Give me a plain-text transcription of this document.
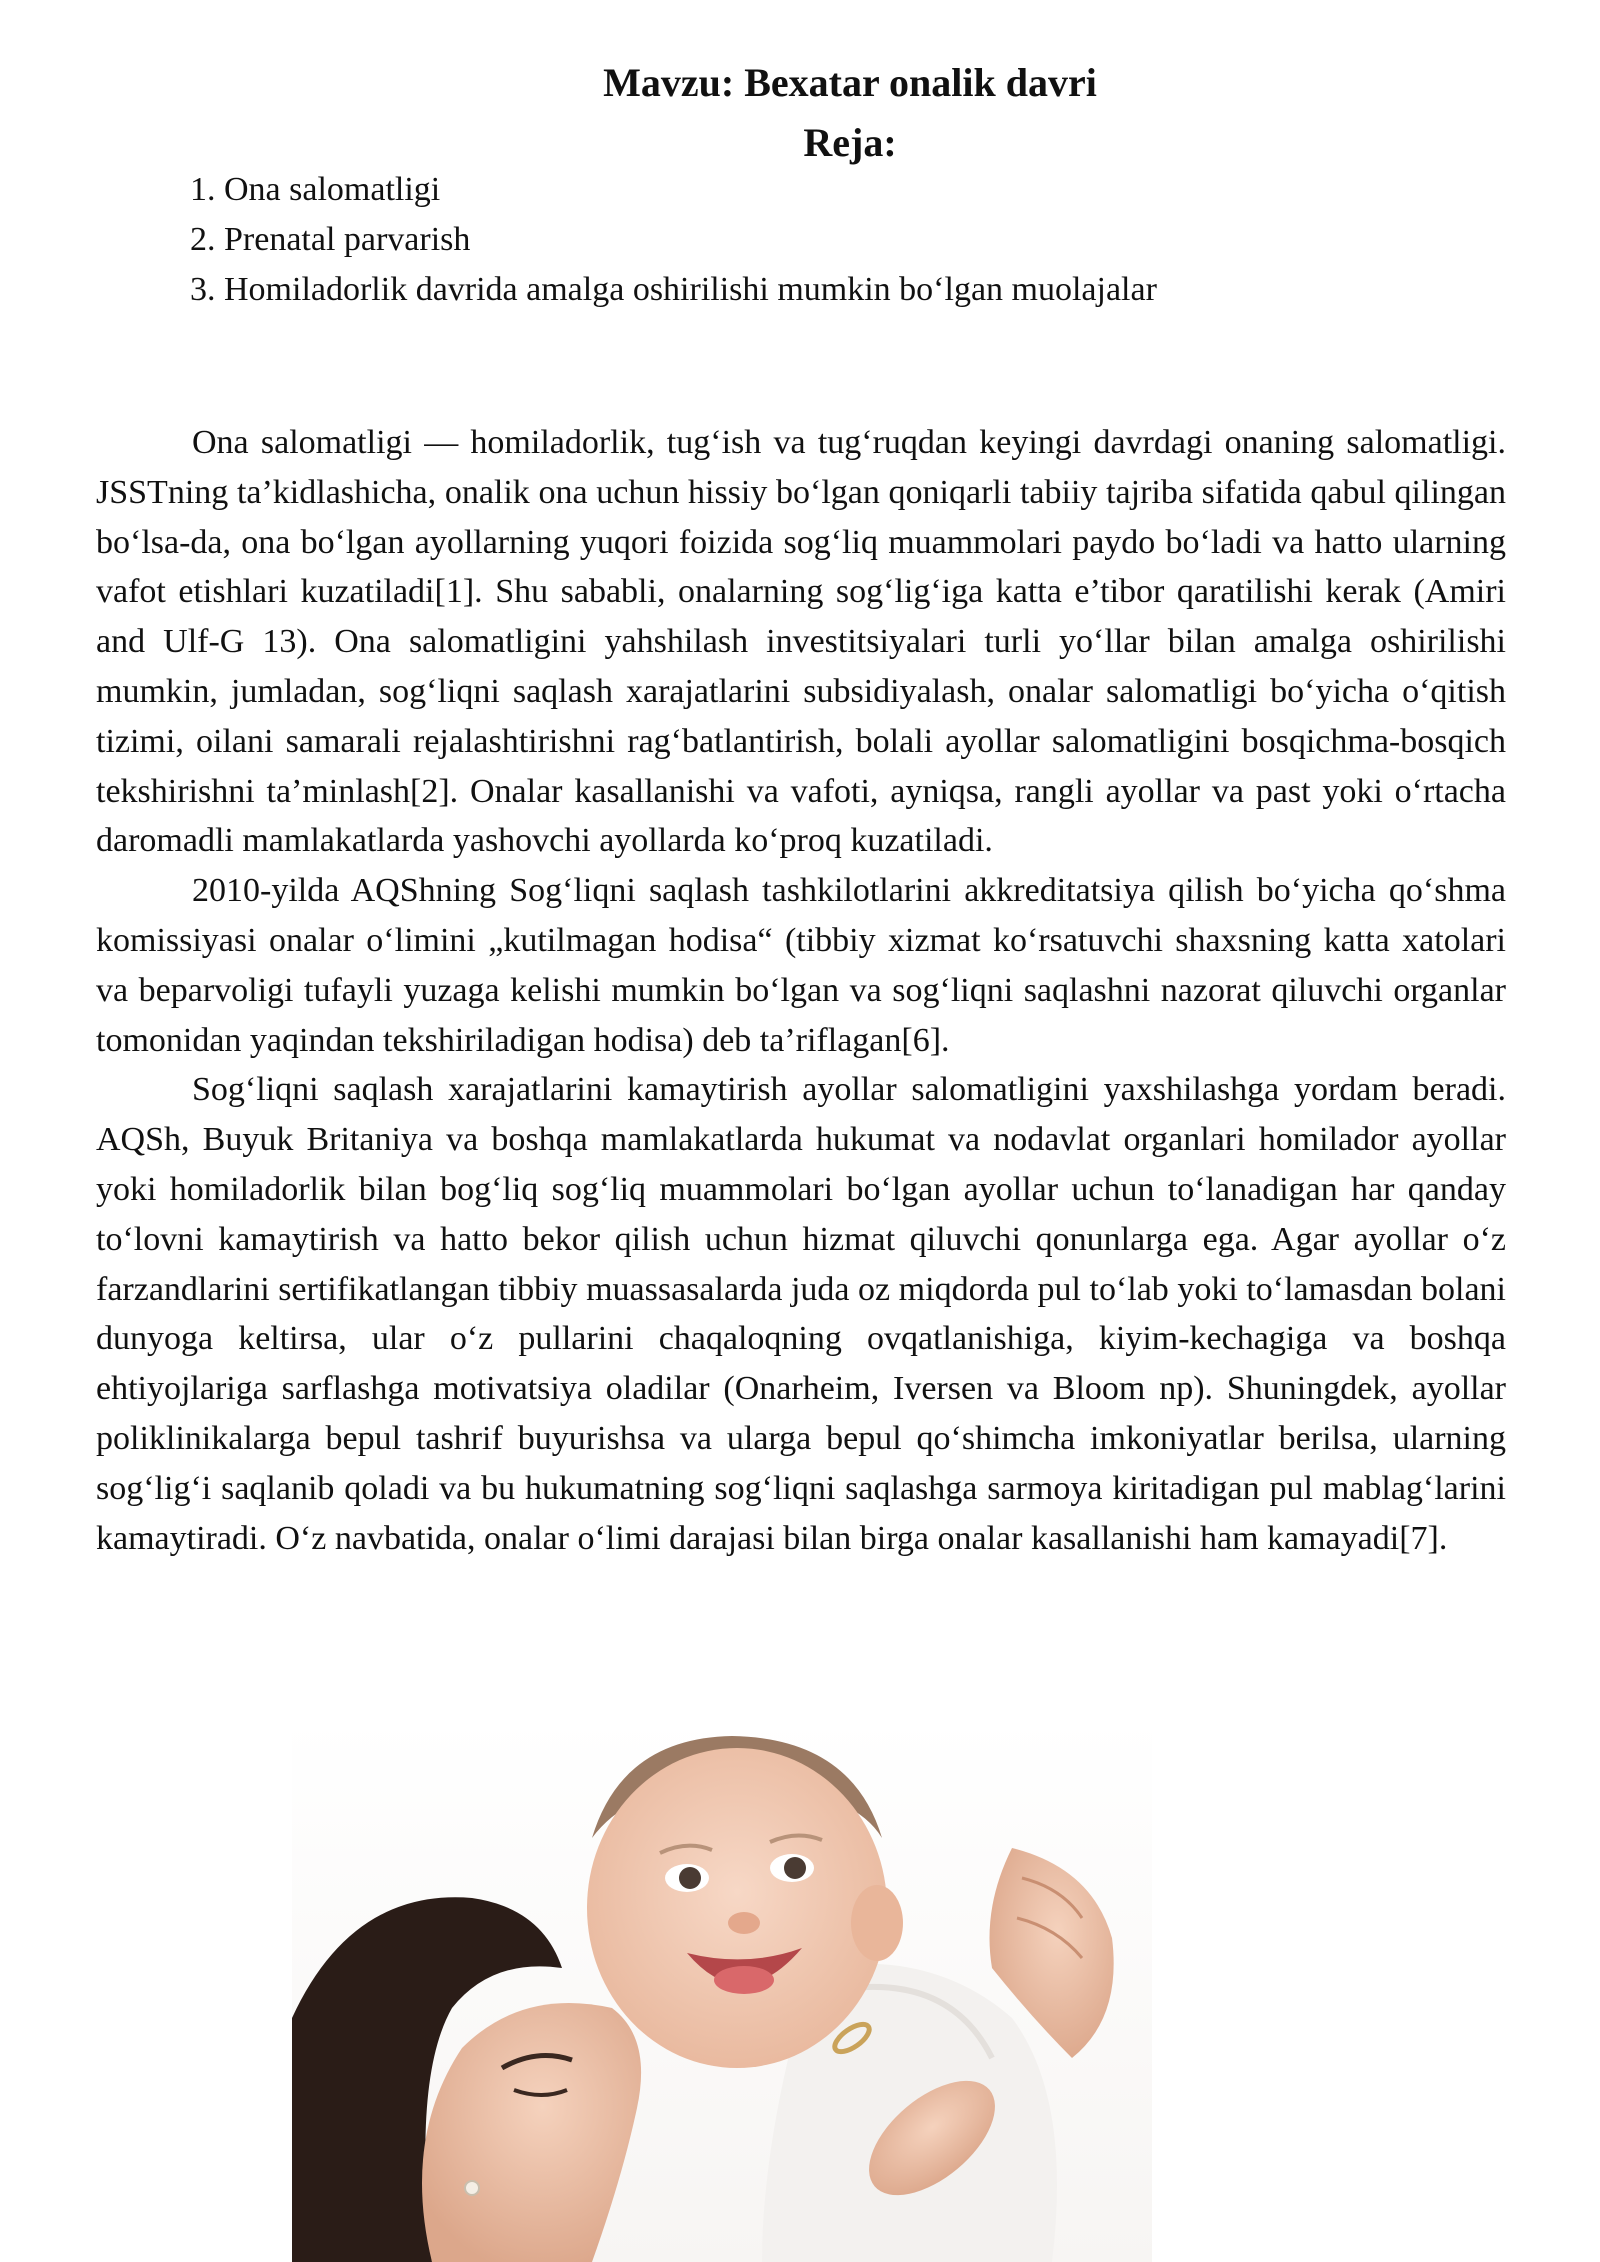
Mavzu: Bexatar onalik davri
Reja:
1. Ona salomatligi
2. Prenatal parvarish
3. Homiladorlik davrida amalga oshirilishi mumkin bo‘lgan muolajalar

Ona salomatligi — homiladorlik, tug‘ish va tug‘ruqdan keyingi davrdagi onaning salomatligi. JSSTning ta’kidlashicha, onalik ona uchun hissiy bo‘lgan qoniqarli tabiiy tajriba sifatida qabul qilingan bo‘lsa-da, ona bo‘lgan ayollarning yuqori foizida sog‘liq muammolari paydo bo‘ladi va hatto ularning vafot etishlari kuzatiladi[1]. Shu sababli, onalarning sog‘lig‘iga katta e’tibor qaratilishi kerak (Amiri and Ulf-G 13). Ona salomatligini yahshilash investitsiyalari turli yo‘llar bilan amalga oshirilishi mumkin, jumladan, sog‘liqni saqlash xarajatlarini subsidiyalash, onalar salomatligi bo‘yicha o‘qitish tizimi, oilani samarali rejalashtirishni rag‘batlantirish, bolali ayollar salomatligini bosqichma-bosqich tekshirishni ta’minlash[2]. Onalar kasallanishi va vafoti, ayniqsa, rangli ayollar va past yoki o‘rtacha daromadli mamlakatlarda yashovchi ayollarda ko‘proq kuzatiladi.

2010-yilda AQShning Sog‘liqni saqlash tashkilotlarini akkreditatsiya qilish bo‘yicha qo‘shma komissiyasi onalar o‘limini „kutilmagan hodisa“ (tibbiy xizmat ko‘rsatuvchi shaxsning katta xatolari va beparvoligi tufayli yuzaga kelishi mumkin bo‘lgan va sog‘liqni saqlashni nazorat qiluvchi organlar tomonidan yaqindan tekshiriladigan hodisa) deb ta’riflagan[6].

Sog‘liqni saqlash xarajatlarini kamaytirish ayollar salomatligini yaxshilashga yordam beradi. AQSh, Buyuk Britaniya va boshqa mamlakatlarda hukumat va nodavlat organlari homilador ayollar yoki homiladorlik bilan bog‘liq sog‘liq muammolari bo‘lgan ayollar uchun to‘lanadigan har qanday to‘lovni kamaytirish va hatto bekor qilish uchun hizmat qiluvchi qonunlarga ega. Agar ayollar o‘z farzandlarini sertifikatlangan tibbiy muassasalarda juda oz miqdorda pul to‘lab yoki to‘lamasdan bolani dunyoga keltirsa, ular o‘z pullarini chaqaloqning ovqatlanishiga, kiyim-kechagiga va boshqa ehtiyojlariga sarflashga motivatsiya oladilar (Onarheim, Iversen va Bloom np). Shuningdek, ayollar poliklinikalarga bepul tashrif buyurishsa va ularga bepul qo‘shimcha imkoniyatlar berilsa, ularning sog‘lig‘i saqlanib qoladi va bu hukumatning sog‘liqni saqlashga sarmoya kiritadigan pul mablag‘larini kamaytiradi. O‘z navbatida, onalar o‘limi darajasi bilan birga onalar kasallanishi ham kamayadi[7].
